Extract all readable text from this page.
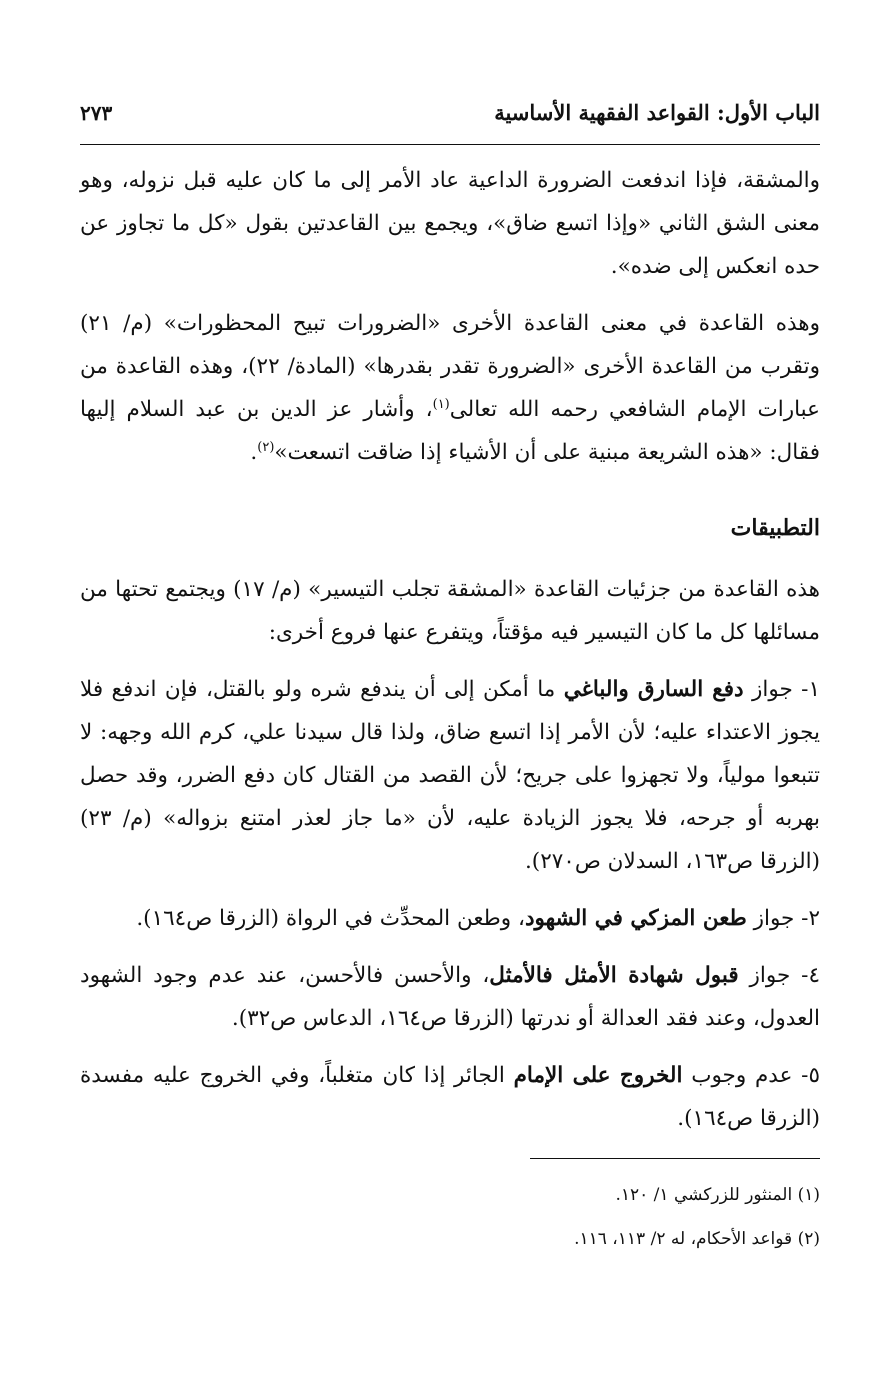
الباب الأول: القواعد الفقهية الأساسية
٢٧٣

والمشقة، فإذا اندفعت الضرورة الداعية عاد الأمر إلى ما كان عليه قبل نزوله، وهو معنى الشق الثاني «وإذا اتسع ضاق»، ويجمع بين القاعدتين بقول «كل ما تجاوز عن حده انعكس إلى ضده».

وهذه القاعدة في معنى القاعدة الأخرى «الضرورات تبيح المحظورات» (م/ ٢١) وتقرب من القاعدة الأخرى «الضرورة تقدر بقدرها» (المادة/ ٢٢)، وهذه القاعدة من عبارات الإمام الشافعي رحمه الله تعالى$^{(١)}$، وأشار عز الدين بن عبد السلام إليها فقال: «هذه الشريعة مبنية على أن الأشياء إذا ضاقت اتسعت»$^{(٢)}$.

التطبيقات

هذه القاعدة من جزئيات القاعدة «المشقة تجلب التيسير» (م/ ١٧) ويجتمع تحتها من مسائلها كل ما كان التيسير فيه مؤقتاً، ويتفرع عنها فروع أخرى:

١- جواز دفع السارق والباغي ما أمكن إلى أن يندفع شره ولو بالقتل، فإن اندفع فلا يجوز الاعتداء عليه؛ لأن الأمر إذا اتسع ضاق، ولذا قال سيدنا علي، كرم الله وجهه: لا تتبعوا مولياً، ولا تجهزوا على جريح؛ لأن القصد من القتال كان دفع الضرر، وقد حصل بهربه أو جرحه، فلا يجوز الزيادة عليه، لأن «ما جاز لعذر امتنع بزواله» (م/ ٢٣) (الزرقا ص١٦٣، السدلان ص٢٧٠).

٢- جواز طعن المزكي في الشهود، وطعن المحدِّث في الرواة (الزرقا ص١٦٤).

٤- جواز قبول شهادة الأمثل فالأمثل، والأحسن فالأحسن، عند عدم وجود الشهود العدول، وعند فقد العدالة أو ندرتها (الزرقا ص١٦٤، الدعاس ص٣٢).

٥- عدم وجوب الخروج على الإمام الجائر إذا كان متغلباً، وفي الخروج عليه مفسدة (الزرقا ص١٦٤).

(١) المنثور للزركشي ١/ ١٢٠.

(٢) قواعد الأحكام، له ٢/ ١١٣، ١١٦.
